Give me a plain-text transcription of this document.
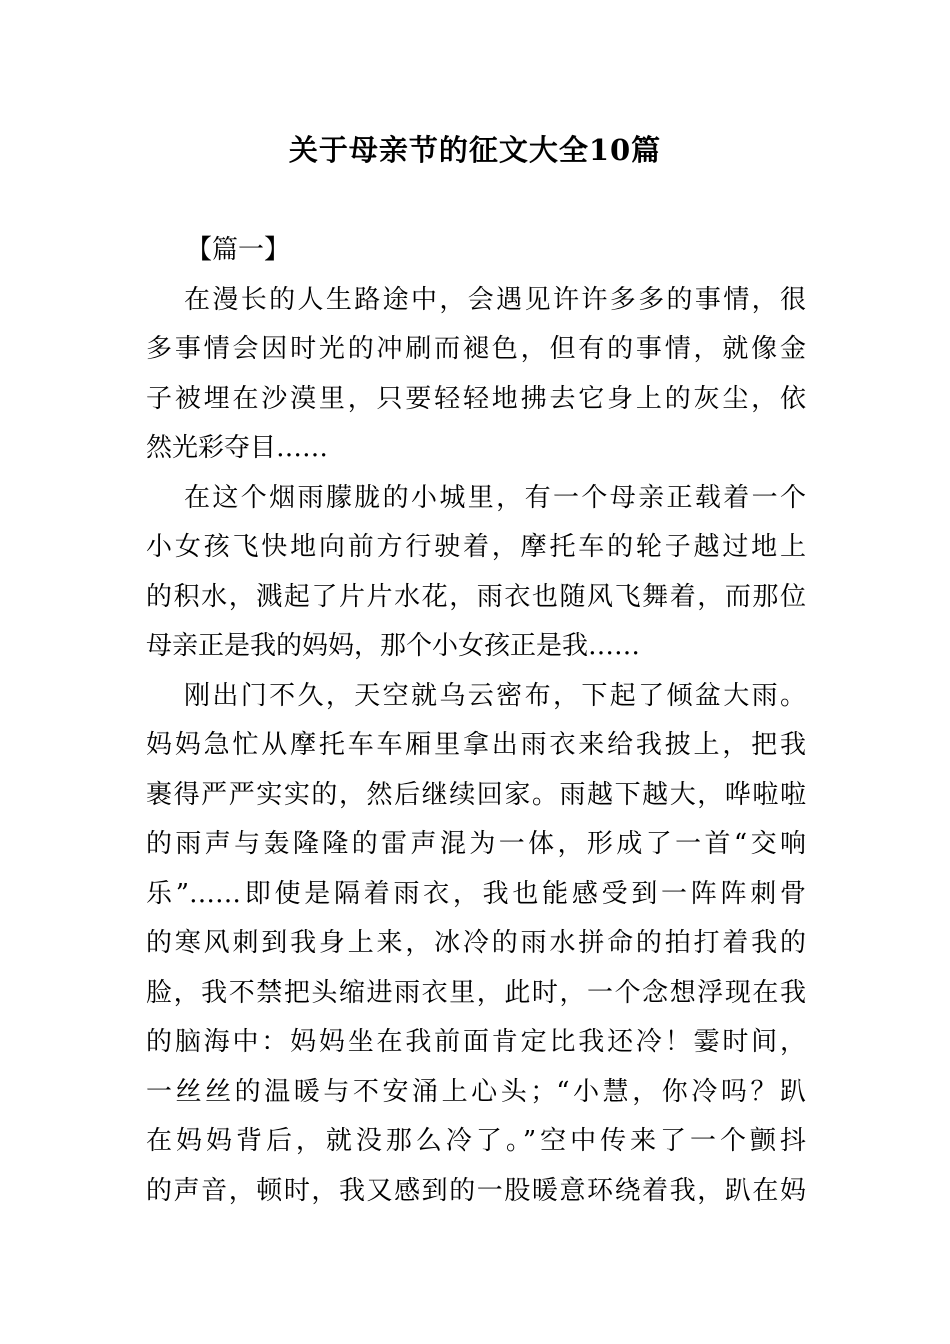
关于母亲节的征文大全10篇
【篇一】
在漫长的人生路途中，会遇见许许多多的事情，很
多事情会因时光的冲刷而褪色，但有的事情，就像金
子被埋在沙漠里，只要轻轻地拂去它身上的灰尘，依
然光彩夺目……
在这个烟雨朦胧的小城里，有一个母亲正载着一个
小女孩飞快地向前方行驶着，摩托车的轮子越过地上
的积水，溅起了片片水花，雨衣也随风飞舞着，而那位
母亲正是我的妈妈，那个小女孩正是我……
刚出门不久，天空就乌云密布，下起了倾盆大雨。
妈妈急忙从摩托车车厢里拿出雨衣来给我披上，把我
裹得严严实实的，然后继续回家。雨越下越大，哗啦啦
的雨声与轰隆隆的雷声混为一体，形成了一首“交响
乐”……即使是隔着雨衣，我也能感受到一阵阵刺骨
的寒风刺到我身上来，冰冷的雨水拼命的拍打着我的
脸，我不禁把头缩进雨衣里，此时，一个念想浮现在我
的脑海中：妈妈坐在我前面肯定比我还冷！霎时间，
一丝丝的温暖与不安涌上心头；“小慧，你冷吗？趴
在妈妈背后，就没那么冷了。”空中传来了一个颤抖
的声音，顿时，我又感到的一股暖意环绕着我，趴在妈
